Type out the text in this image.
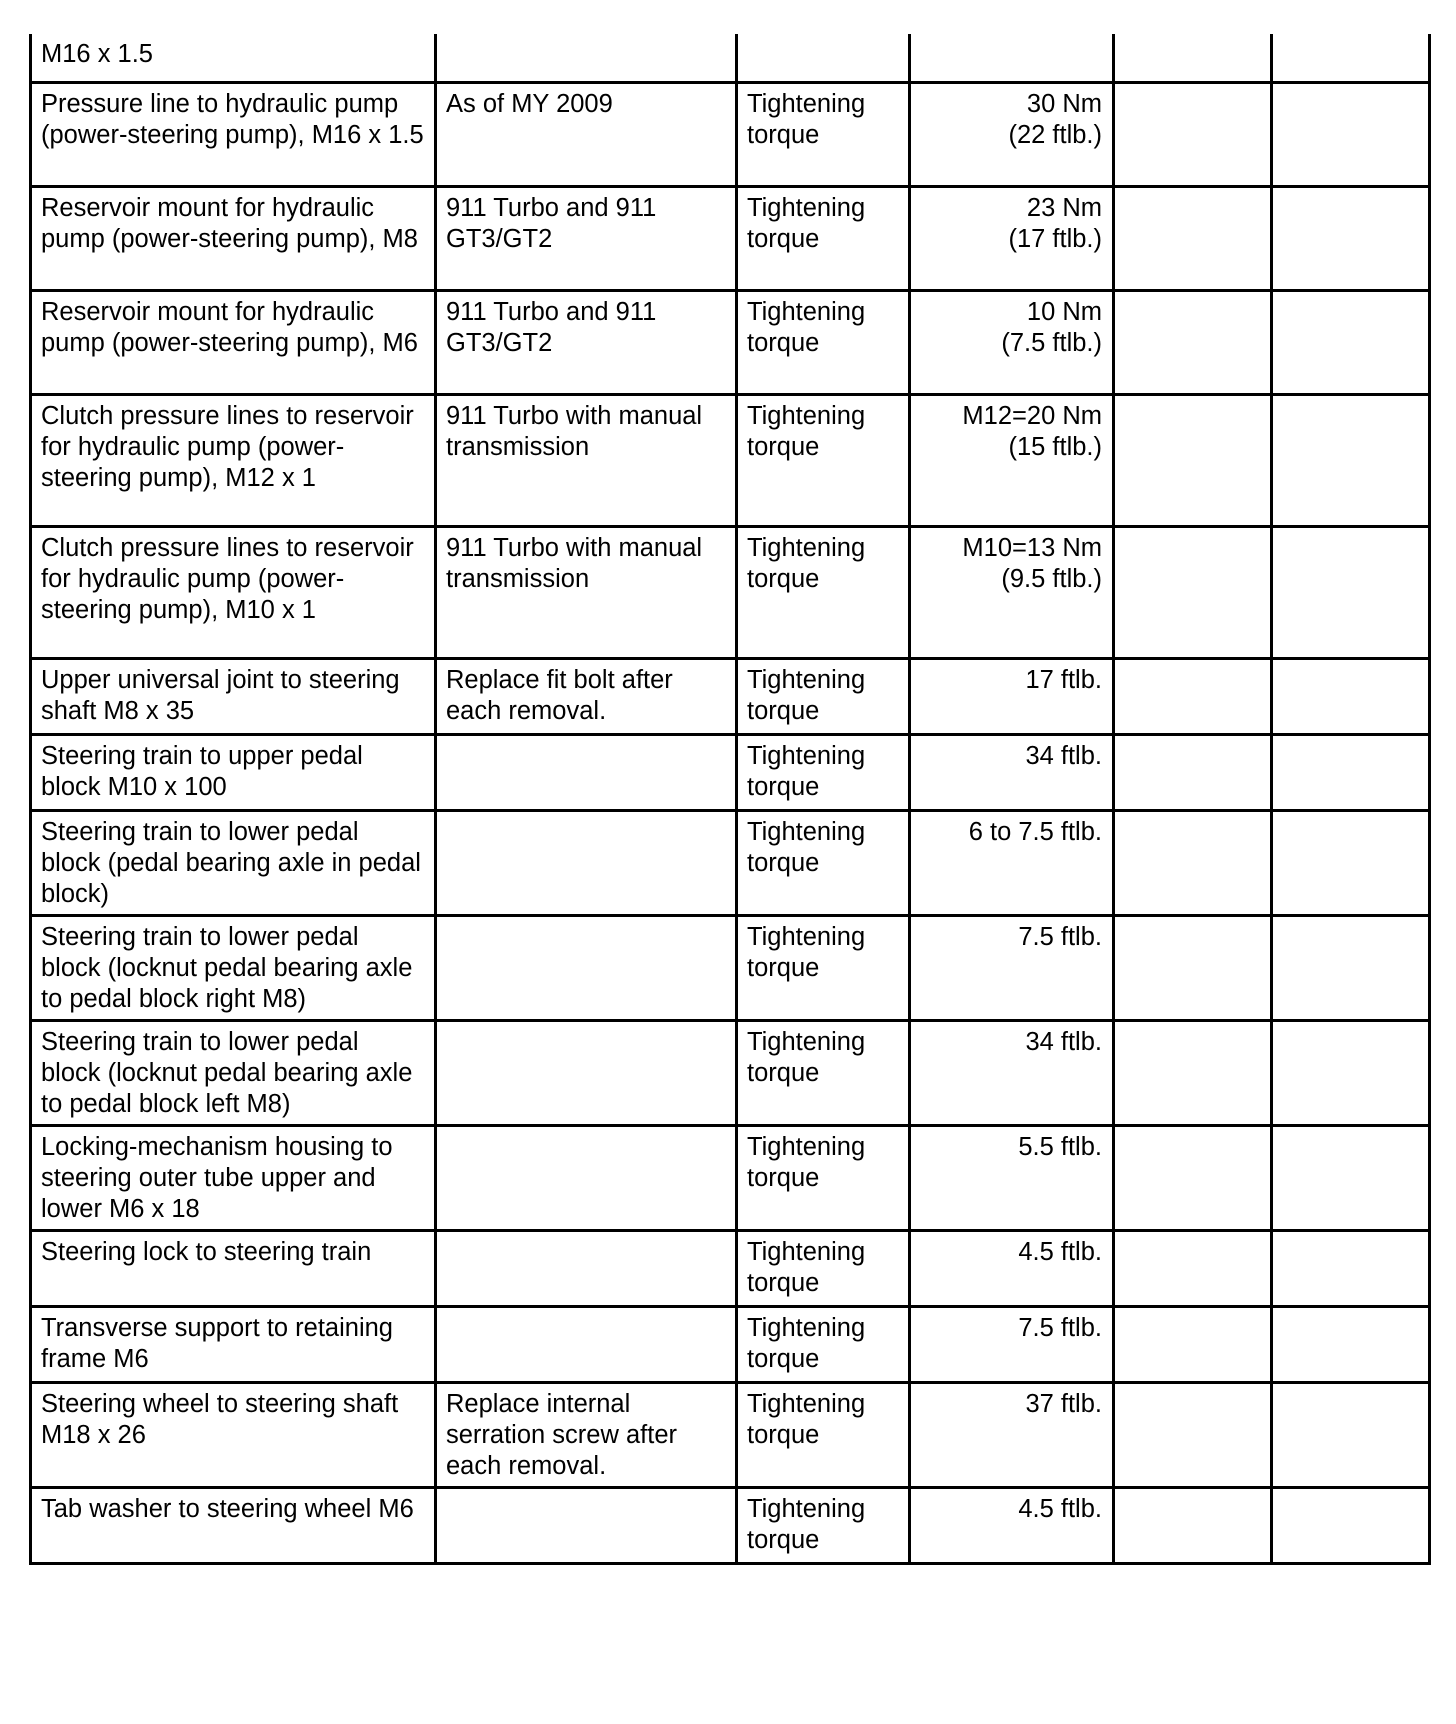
M16 x 1.5					
Pressure line to hydraulic pump (power-steering pump), M16 x 1.5	As of MY 2009	Tightening torque	30 Nm
(22 ftlb.)		

Reservoir mount for hydraulic pump (power-steering pump), M8	911 Turbo and 911 GT3/GT2	Tightening torque	23 Nm
(17 ftlb.)		

Reservoir mount for hydraulic pump (power-steering pump), M6	911 Turbo and 911 GT3/GT2	Tightening torque	10 Nm
(7.5 ftlb.)		

Clutch pressure lines to reservoir for hydraulic pump (power-steering pump), M12 x 1	911 Turbo with manual transmission	Tightening torque	M12=20 Nm
(15 ftlb.)		

Clutch pressure lines to reservoir for hydraulic pump (power-steering pump), M10 x 1	911 Turbo with manual transmission	Tightening torque	M10=13 Nm
(9.5 ftlb.)		

Upper universal joint to steering shaft M8 x 35	Replace fit bolt after each removal.	Tightening torque	17 ftlb.		

Steering train to upper pedal block M10 x 100		Tightening torque	34 ftlb.		

Steering train to lower pedal block (pedal bearing axle in pedal block)		Tightening torque	6 to 7.5 ftlb.		

Steering train to lower pedal block (locknut pedal bearing axle to pedal block right M8)		Tightening torque	7.5 ftlb.		

Steering train to lower pedal block (locknut pedal bearing axle to pedal block left M8)		Tightening torque	34 ftlb.		

Locking-mechanism housing to steering outer tube upper and lower M6 x 18		Tightening torque	5.5 ftlb.		

Steering lock to steering train		Tightening torque	4.5 ftlb.		

Transverse support to retaining frame M6		Tightening torque	7.5 ftlb.		

Steering wheel to steering shaft M18 x 26	Replace internal serration screw after each removal.	Tightening torque	37 ftlb.		

Tab washer to steering wheel M6		Tightening torque	4.5 ftlb.		
